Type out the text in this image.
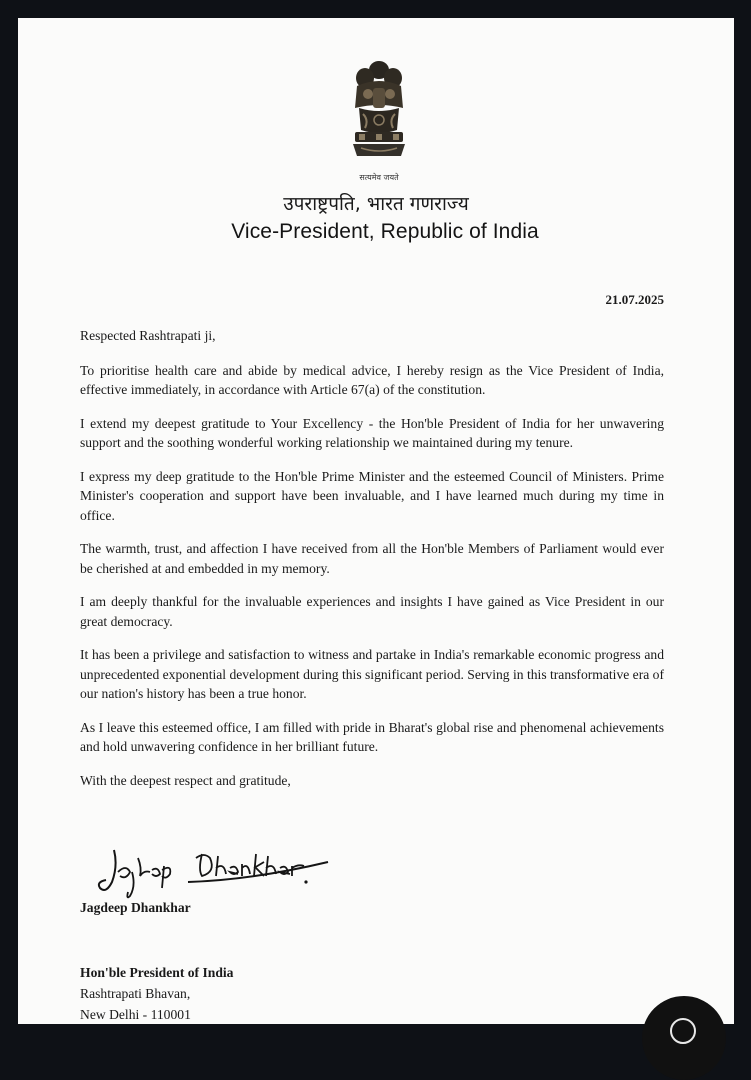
सत्यमेव जयते
उपराष्ट्रपति, भारत गणराज्य
Vice-President, Republic of India
21.07.2025

Respected Rashtrapati ji,

To prioritise health care and abide by medical advice, I hereby resign as the Vice President of India, effective immediately, in accordance with Article 67(a) of the constitution.

I extend my deepest gratitude to Your Excellency - the Hon'ble President of India for her unwavering support and the soothing wonderful working relationship we maintained during my tenure.

I express my deep gratitude to the Hon'ble Prime Minister and the esteemed Council of Ministers. Prime Minister's cooperation and support have been invaluable, and I have learned much during my time in office.

The warmth, trust, and affection I have received from all the Hon'ble Members of Parliament would ever be cherished at and embedded in my memory.

I am deeply thankful for the invaluable experiences and insights I have gained as Vice President in our great democracy.

It has been a privilege and satisfaction to witness and partake in India's remarkable economic progress and unprecedented exponential development during this significant period. Serving in this transformative era of our nation's history has been a true honor.

As I leave this esteemed office, I am filled with pride in Bharat's global rise and phenomenal achievements and hold unwavering confidence in her brilliant future.

With the deepest respect and gratitude,

Jagdeep Dhankhar
Hon'ble President of India
Rashtrapati Bhavan,
New Delhi - 110001
